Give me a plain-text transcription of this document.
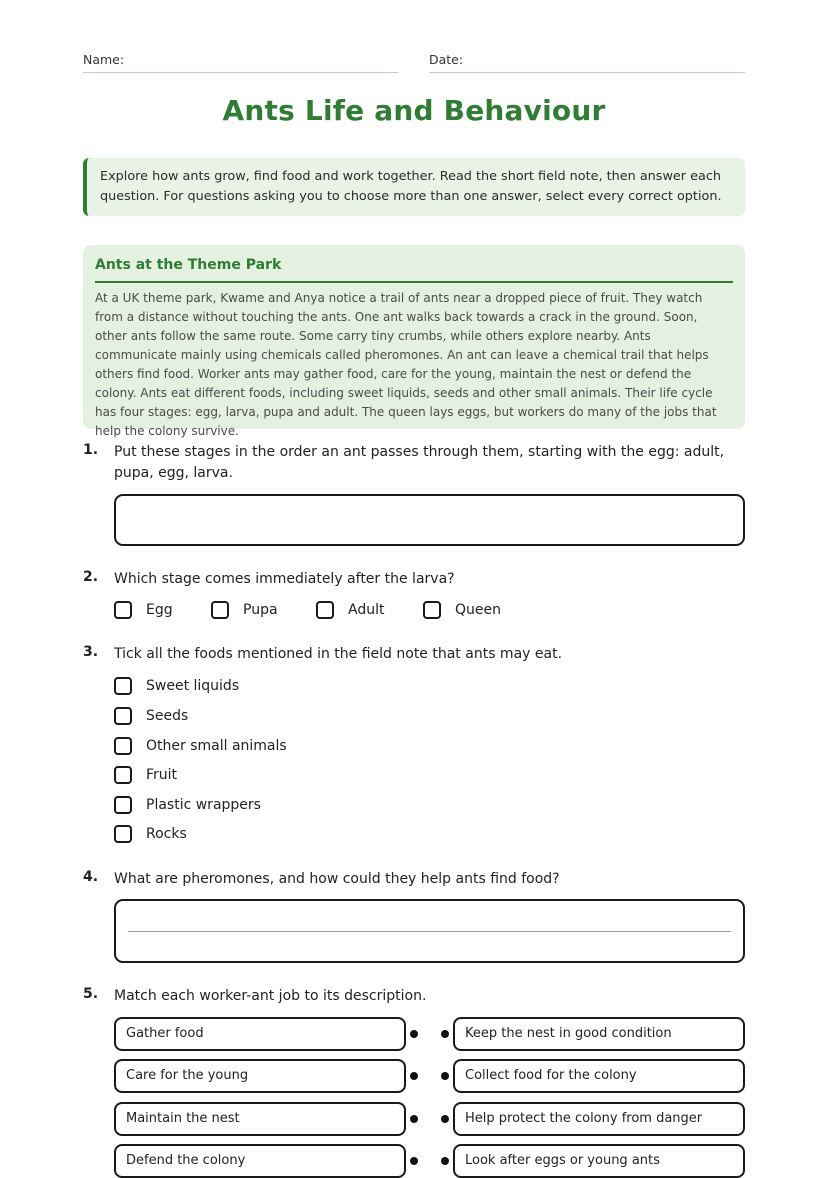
Name:	Date:
Ants Life and Behaviour
Explore how ants grow, find food and work together. Read the short field note, then answer each question. For questions asking you to choose more than one answer, select every correct option.
Ants at the Theme Park
At a UK theme park, Kwame and Anya notice a trail of ants near a dropped piece of fruit. They watch from a distance without touching the ants. One ant walks back towards a crack in the ground. Soon, other ants follow the same route. Some carry tiny crumbs, while others explore nearby. Ants communicate mainly using chemicals called pheromones. An ant can leave a chemical trail that helps others find food. Worker ants may gather food, care for the young, maintain the nest or defend the colony. Ants eat different foods, including sweet liquids, seeds and other small animals. Their life cycle has four stages: egg, larva, pupa and adult. The queen lays eggs, but workers do many of the jobs that help the colony survive.
1. Put these stages in the order an ant passes through them, starting with the egg: adult, pupa, egg, larva.
2. Which stage comes immediately after the larva?
Egg	Pupa	Adult	Queen
3. Tick all the foods mentioned in the field note that ants may eat.
Sweet liquids
Seeds
Other small animals
Fruit
Plastic wrappers
Rocks
4. What are pheromones, and how could they help ants find food?
5. Match each worker-ant job to its description.
Gather food	Keep the nest in good condition
Care for the young	Collect food for the colony
Maintain the nest	Help protect the colony from danger
Defend the colony	Look after eggs or young ants
